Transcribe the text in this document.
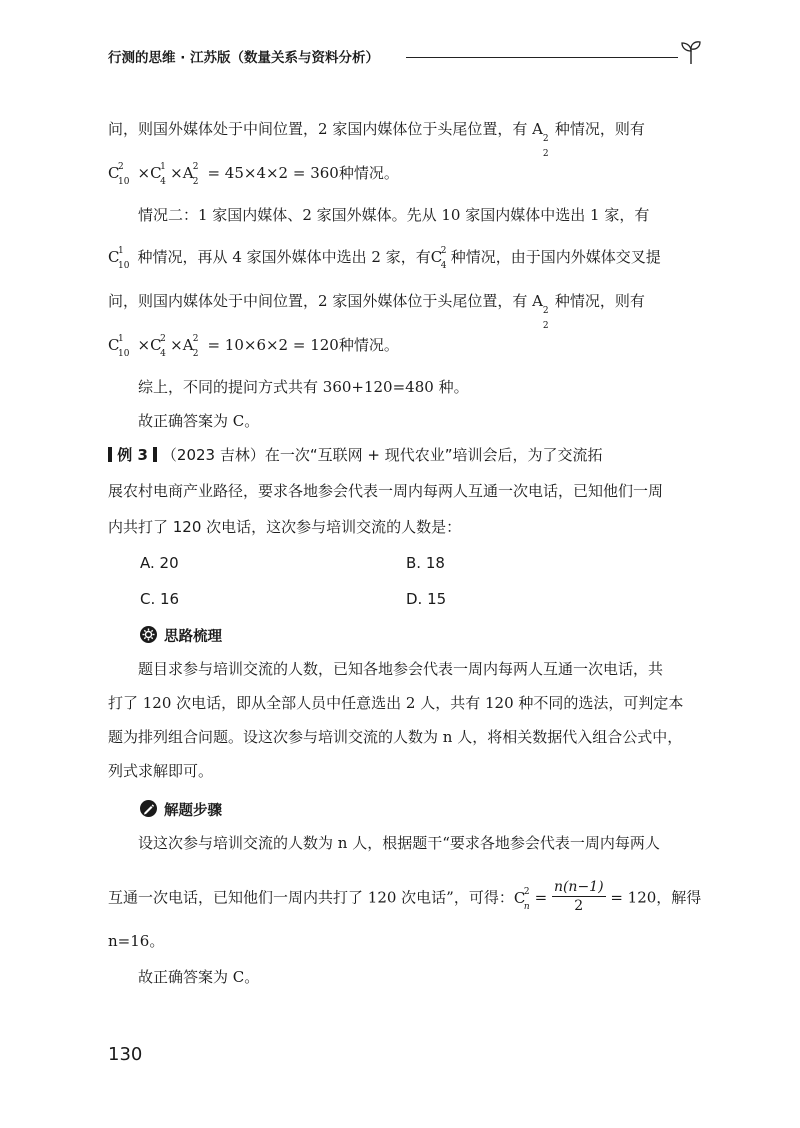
行测的思维 · 江苏版（数量关系与资料分析）
问，则国外媒体处于中间位置，2 家国内媒体位于头尾位置，有 A
2
2
种情况，则有
C
2
10
×C
1
4 ×A 2
2 = 45×4×2 = 360种情况。
情况二：1 家国内媒体、2 家国外媒体。先从 10 家国内媒体中选出 1 家，有
C
1
10 种情况，再从 4 家国外媒体中选出 2 家，有C
2
4 种情况，由于国内外媒体交叉提
问，则国内媒体处于中间位置，2 家国外媒体位于头尾位置，有 A
2
2
种情况，则有
C
1
10
×C
2
4 ×A 2
2 = 10×6×2 = 120种情况。
综上，不同的提问方式共有 360+120=480 种。
故正确答案为 C。
例 3 （2023 吉林）在一次“互联网 + 现代农业”培训会后，为了交流拓
展农村电商产业路径，要求各地参会代表一周内每两人互通一次电话，已知他们一周
内共打了 120 次电话，这次参与培训交流的人数是：
A. 20	B. 18
C. 16	D. 15
思路梳理
题目求参与培训交流的人数，已知各地参会代表一周内每两人互通一次电话，共
打了 120 次电话，即从全部人员中任意选出 2 人，共有 120 种不同的选法，可判定本
题为排列组合问题。设这次参与培训交流的人数为 n 人，将相关数据代入组合公式中，
列式求解即可。
解题步骤
设这次参与培训交流的人数为 n 人，根据题干“要求各地参会代表一周内每两人
互通一次电话，已知他们一周内共打了 120 次电话”，可得：C
2
$n = \frac{n(n-1)}{2} = 120$，解得
n=16。
故正确答案为 C。
130
